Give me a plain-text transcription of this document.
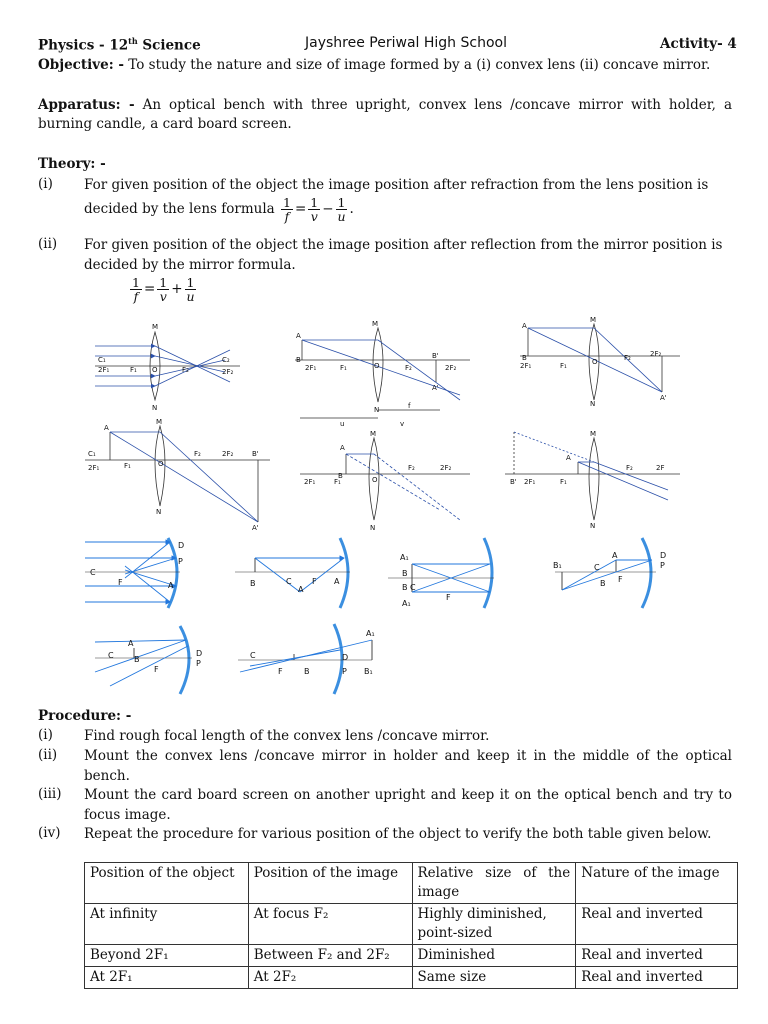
Physics - 12th Science	Jayshree Periwal High School	Activity- 4
Objective: - To study the nature and size of image formed by a (i) convex lens (ii) concave mirror.
Apparatus: - An optical bench with three upright, convex lens /concave mirror with holder, a burning candle, a card board screen.
Theory: -
(i) For given position of the object the image position after refraction from the lens position is
decided by the lens formula $\frac{1}{f} = \frac{1}{v} - \frac{1}{u}$ .
(ii) For given position of the object the image position after reflection from the mirror position is
decided by the mirror formula.
$\frac{1}{f} = \frac{1}{v} + \frac{1}{u}$
M
N
C₁
2F₁	F₁ O	F₂
C₂
2F₂
A
B
M
N
O
2F₁	F₁	F₂	2F₂
B'
A'
u
f
v
A
B
M
N
O
2F₁	F₁
F₂	2F₂
A'
A
C₁
2F₁	F₁
M
N
O
F₂	2F₂	B'
A'
A
B
M
N
O
2F₁	F₁
F₂	2F₂
A
B' 2F₁	F₁
M
N
F₂	2F
D
P
C
F	A	B	C	F A
A
A₁
B
B C
A₁
F
B₁	C
A
B F
D
P
A
C	B
F
D
P
C
F	B
D
P
A₁
B₁
Procedure: -
(i) Find rough focal length of the convex lens /concave mirror.
(ii) Mount the convex lens /concave mirror in holder and keep it in the middle of the optical bench.
(iii) Mount the card board screen on another upright and keep it on the optical bench and try to focus image.
(iv) Repeat the procedure for various position of the object to verify the both table given below.
Position of the object	Position of the image	Relative size of the image	Nature of the image
At infinity	At focus F₂	Highly diminished, point-sized	Real and inverted
Beyond 2F₁	Between F₂ and 2F₂	Diminished	Real and inverted
At 2F₁	At 2F₂	Same size	Real and inverted
